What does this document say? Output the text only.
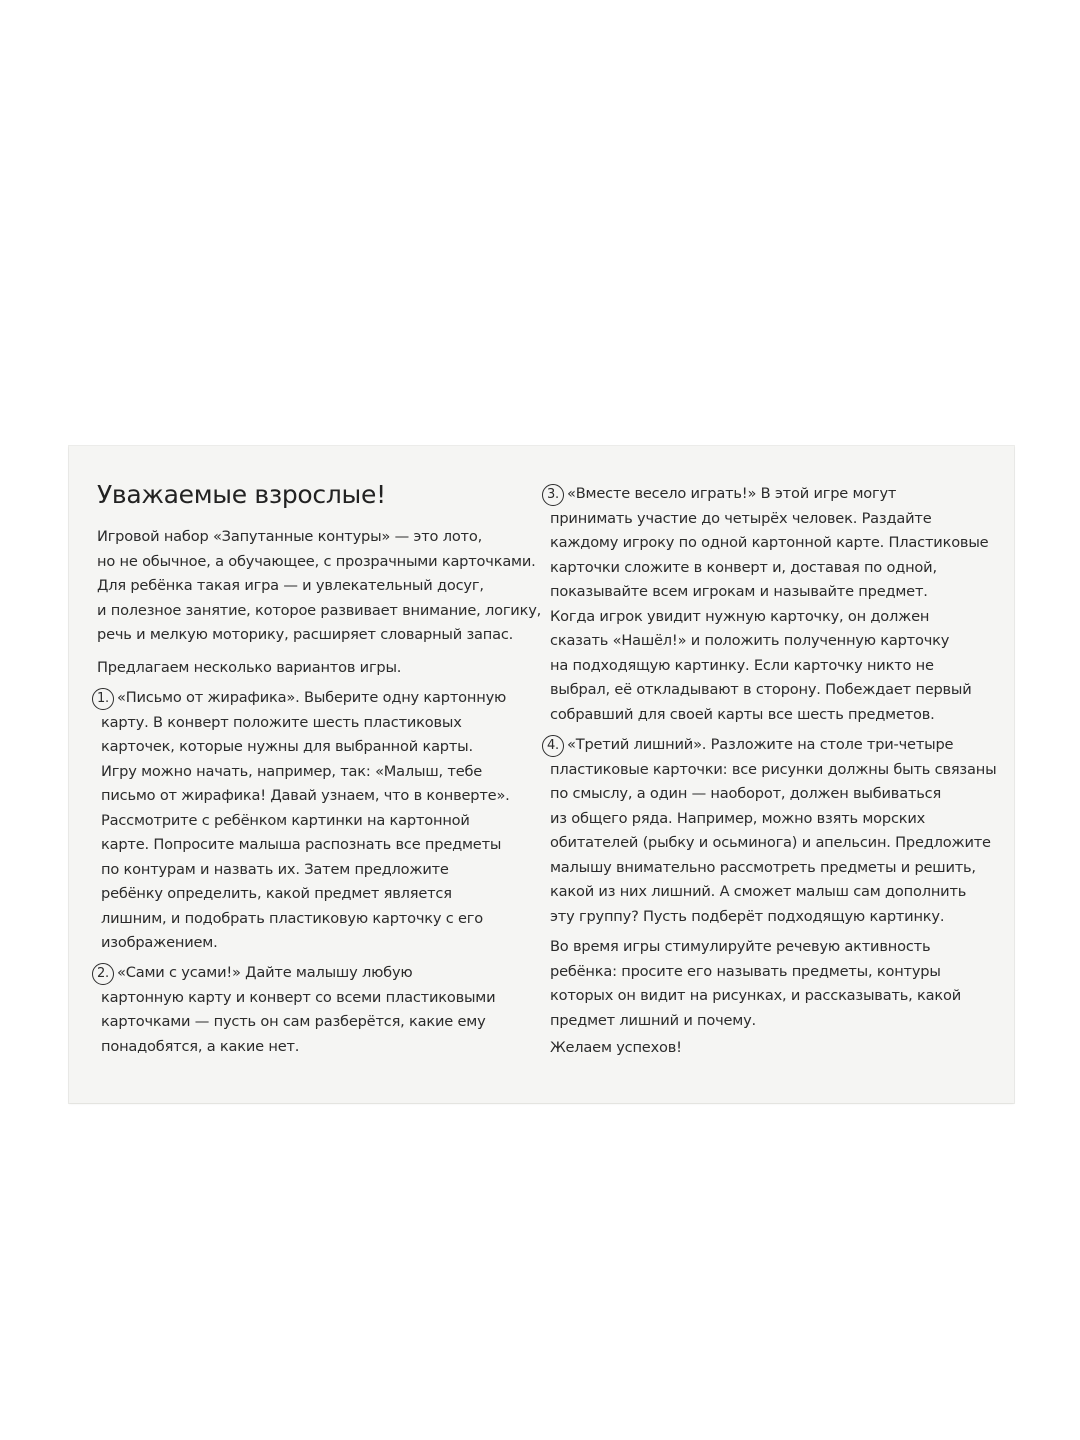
Уважаемые взрослые!
Игровой набор «Запутанные контуры» — это лото,
но не обычное, а обучающее, с прозрачными карточками.
Для ребёнка такая игра — и увлекательный досуг,
и полезное занятие, которое развивает внимание, логику,
речь и мелкую моторику, расширяет словарный запас.
Предлагаем несколько вариантов игры.
1. «Письмо от жирафика». Выберите одну картонную
карту. В конверт положите шесть пластиковых
карточек, которые нужны для выбранной карты.
Игру можно начать, например, так: «Малыш, тебе
письмо от жирафика! Давай узнаем, что в конверте».
Рассмотрите с ребёнком картинки на картонной
карте. Попросите малыша распознать все предметы
по контурам и назвать их. Затем предложите
ребёнку определить, какой предмет является
лишним, и подобрать пластиковую карточку с его
изображением.
2. «Сами с усами!» Дайте малышу любую
картонную карту и конверт со всеми пластиковыми
карточками — пусть он сам разберётся, какие ему
понадобятся, а какие нет.
3. «Вместе весело играть!» В этой игре могут
принимать участие до четырёх человек. Раздайте
каждому игроку по одной картонной карте. Пластиковые
карточки сложите в конверт и, доставая по одной,
показывайте всем игрокам и называйте предмет.
Когда игрок увидит нужную карточку, он должен
сказать «Нашёл!» и положить полученную карточку
на подходящую картинку. Если карточку никто не
выбрал, её откладывают в сторону. Побеждает первый
собравший для своей карты все шесть предметов.
4. «Третий лишний». Разложите на столе три-четыре
пластиковые карточки: все рисунки должны быть связаны
по смыслу, а один — наоборот, должен выбиваться
из общего ряда. Например, можно взять морских
обитателей (рыбку и осьминога) и апельсин. Предложите
малышу внимательно рассмотреть предметы и решить,
какой из них лишний. А сможет малыш сам дополнить
эту группу? Пусть подберёт подходящую картинку.
Во время игры стимулируйте речевую активность
ребёнка: просите его называть предметы, контуры
которых он видит на рисунках, и рассказывать, какой
предмет лишний и почему.
Желаем успехов!
